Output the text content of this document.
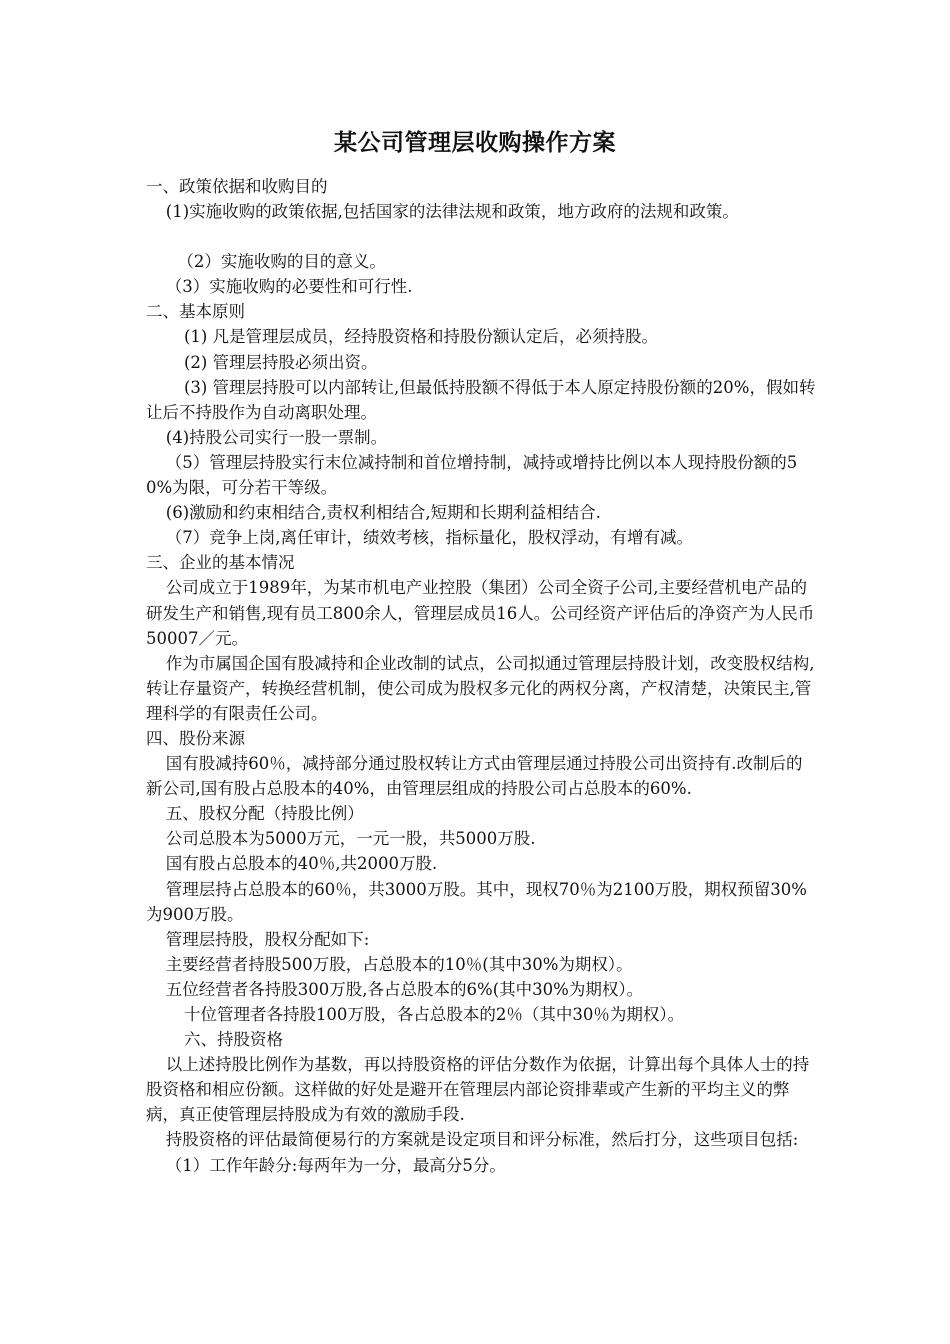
某公司管理层收购操作方案

一、政策依据和收购目的

(1)实施收购的政策依据,包括国家的法律法规和政策，地方政府的法规和政策。

（2）实施收购的目的意义。

（3）实施收购的必要性和可行性.

二、基本原则

(1) 凡是管理层成员，经持股资格和持股份额认定后，必须持股。

(2) 管理层持股必须出资。

(3) 管理层持股可以内部转让,但最低持股额不得低于本人原定持股份额的20%，假如转让后不持股作为自动离职处理。

(4)持股公司实行一股一票制。

（5）管理层持股实行末位减持制和首位增持制，减持或增持比例以本人现持股份额的50%为限，可分若干等级。

(6)激励和约束相结合,责权利相结合,短期和长期利益相结合.

（7）竞争上岗,离任审计，绩效考核，指标量化，股权浮动，有增有减。

三、企业的基本情况

公司成立于1989年，为某市机电产业控股（集团）公司全资子公司,主要经营机电产品的研发生产和销售,现有员工800余人，管理层成员16人。公司经资产评估后的净资产为人民币50007／元。

作为市属国企国有股减持和企业改制的试点，公司拟通过管理层持股计划，改变股权结构,转让存量资产，转换经营机制，使公司成为股权多元化的两权分离，产权清楚，决策民主,管理科学的有限责任公司。

四、股份来源

国有股减持60％，减持部分通过股权转让方式由管理层通过持股公司出资持有.改制后的新公司,国有股占总股本的40%，由管理层组成的持股公司占总股本的60%.

五、股权分配（持股比例）

公司总股本为5000万元，一元一股，共5000万股.

国有股占总股本的40％,共2000万股.

管理层持占总股本的60％，共3000万股。其中，现权70％为2100万股，期权预留30%为900万股。

管理层持股，股权分配如下:

主要经营者持股500万股，占总股本的10％(其中30%为期权）。

五位经营者各持股300万股,各占总股本的6%(其中30%为期权）。

十位管理者各持股100万股，各占总股本的2％（其中30％为期权）。

六、持股资格

以上述持股比例作为基数，再以持股资格的评估分数作为依据，计算出每个具体人士的持股资格和相应份额。这样做的好处是避开在管理层内部论资排辈或产生新的平均主义的弊病，真正使管理层持股成为有效的激励手段.

持股资格的评估最简便易行的方案就是设定项目和评分标准，然后打分，这些项目包括:

（1）工作年龄分:每两年为一分，最高分5分。
